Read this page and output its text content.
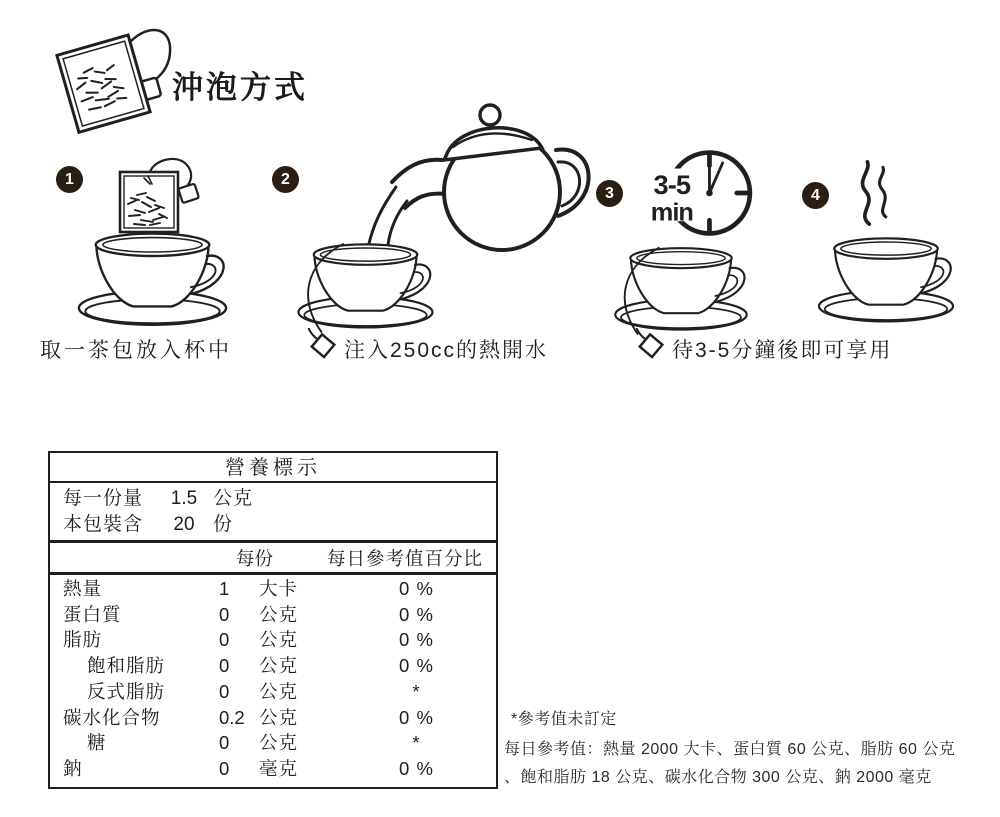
沖泡方式
1	2
3	4
3-5
min
取一茶包放入杯中	注入250cc的熱開水	待3-5分鐘後即可享用
營養標示
每一份量	1.5 公克
本包裝含	20 份
每份	每日參考值百分比
熱量	1	大卡	0 %
蛋白質	0	公克	0 %
脂肪	0	公克	0 %
飽和脂肪	0	公克	0 %
反式脂肪	0	公克	*
碳水化合物	0.2 公克	0 %
糖	0	公克	*
鈉	0	毫克	0 %
*參考值未訂定
每日參考值：熱量 2000 大卡、蛋白質 60 公克、脂肪 60 公克
、飽和脂肪 18 公克、碳水化合物 300 公克、鈉 2000 毫克
